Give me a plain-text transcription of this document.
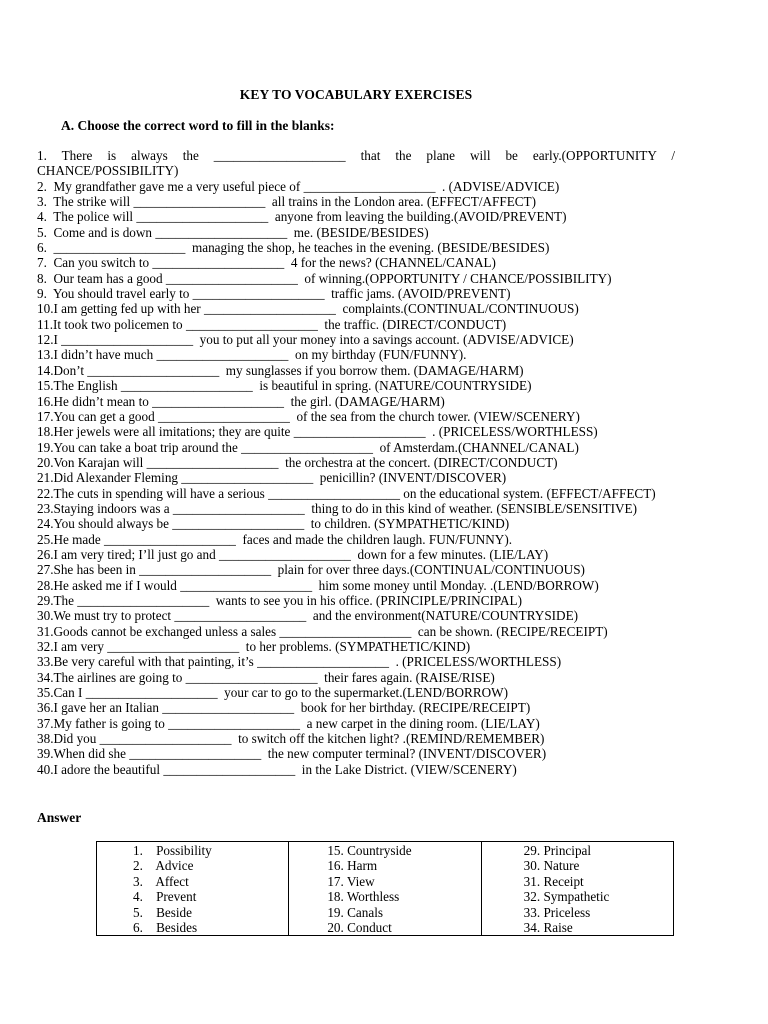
KEY TO VOCABULARY EXERCISES
A. Choose the correct word to fill in the blanks:
1. There is always the ____________________ that the plane will be early.(OPPORTUNITY / CHANCE/POSSIBILITY)
2.  My grandfather gave me a very useful piece of ____________________  . (ADVISE/ADVICE)
3.  The strike will ____________________  all trains in the London area. (EFFECT/AFFECT)
4.  The police will ____________________  anyone from leaving the building.(AVOID/PREVENT)
5.  Come and is down ____________________  me. (BESIDE/BESIDES)
6.  ____________________  managing the shop, he teaches in the evening. (BESIDE/BESIDES)
7.  Can you switch to ____________________  4 for the news? (CHANNEL/CANAL)
8.  Our team has a good ____________________  of winning.(OPPORTUNITY / CHANCE/POSSIBILITY)
9.  You should travel early to ____________________  traffic jams. (AVOID/PREVENT)
10.I am getting fed up with her ____________________  complaints.(CONTINUAL/CONTINUOUS)
11.It took two policemen to ____________________  the traffic. (DIRECT/CONDUCT)
12.I ____________________  you to put all your money into a savings account. (ADVISE/ADVICE)
13.I didn’t have much ____________________  on my birthday (FUN/FUNNY).
14.Don’t ____________________  my sunglasses if you borrow them. (DAMAGE/HARM)
15.The English ____________________  is beautiful in spring. (NATURE/COUNTRYSIDE)
16.He didn’t mean to ____________________  the girl. (DAMAGE/HARM)
17.You can get a good ____________________  of the sea from the church tower. (VIEW/SCENERY)
18.Her jewels were all imitations; they are quite ____________________  . (PRICELESS/WORTHLESS)
19.You can take a boat trip around the ____________________  of Amsterdam.(CHANNEL/CANAL)
20.Von Karajan will ____________________  the orchestra at the concert. (DIRECT/CONDUCT)
21.Did Alexander Fleming ____________________  penicillin? (INVENT/DISCOVER)
22.The cuts in spending will have a serious ____________________ on the educational system. (EFFECT/AFFECT)
23.Staying indoors was a ____________________  thing to do in this kind of weather. (SENSIBLE/SENSITIVE)
24.You should always be ____________________  to children. (SYMPATHETIC/KIND)
25.He made ____________________  faces and made the children laugh. FUN/FUNNY).
26.I am very tired; I’ll just go and ____________________  down for a few minutes. (LIE/LAY)
27.She has been in ____________________  plain for over three days.(CONTINUAL/CONTINUOUS)
28.He asked me if I would ____________________  him some money until Monday. .(LEND/BORROW)
29.The ____________________  wants to see you in his office. (PRINCIPLE/PRINCIPAL)
30.We must try to protect ____________________  and the environment(NATURE/COUNTRYSIDE)
31.Goods cannot be exchanged unless a sales ____________________  can be shown. (RECIPE/RECEIPT)
32.I am very ____________________  to her problems. (SYMPATHETIC/KIND)
33.Be very careful with that painting, it’s ____________________  . (PRICELESS/WORTHLESS)
34.The airlines are going to ____________________  their fares again. (RAISE/RISE)
35.Can I ____________________  your car to go to the supermarket.(LEND/BORROW)
36.I gave her an Italian ____________________  book for her birthday. (RECIPE/RECEIPT)
37.My father is going to ____________________  a new carpet in the dining room. (LIE/LAY)
38.Did you ____________________  to switch off the kitchen light? .(REMIND/REMEMBER)
39.When did she ____________________  the new computer terminal? (INVENT/DISCOVER)
40.I adore the beautiful ____________________  in the Lake District. (VIEW/SCENERY)
Answer
1.    Possibility
2.    Advice
3.    Affect
4.    Prevent
5.    Beside
6.    Besides

15. Countryside
16. Harm
17. View
18. Worthless
19. Canals
20. Conduct

29. Principal
30. Nature
31. Receipt
32. Sympathetic
33. Priceless
34. Raise
